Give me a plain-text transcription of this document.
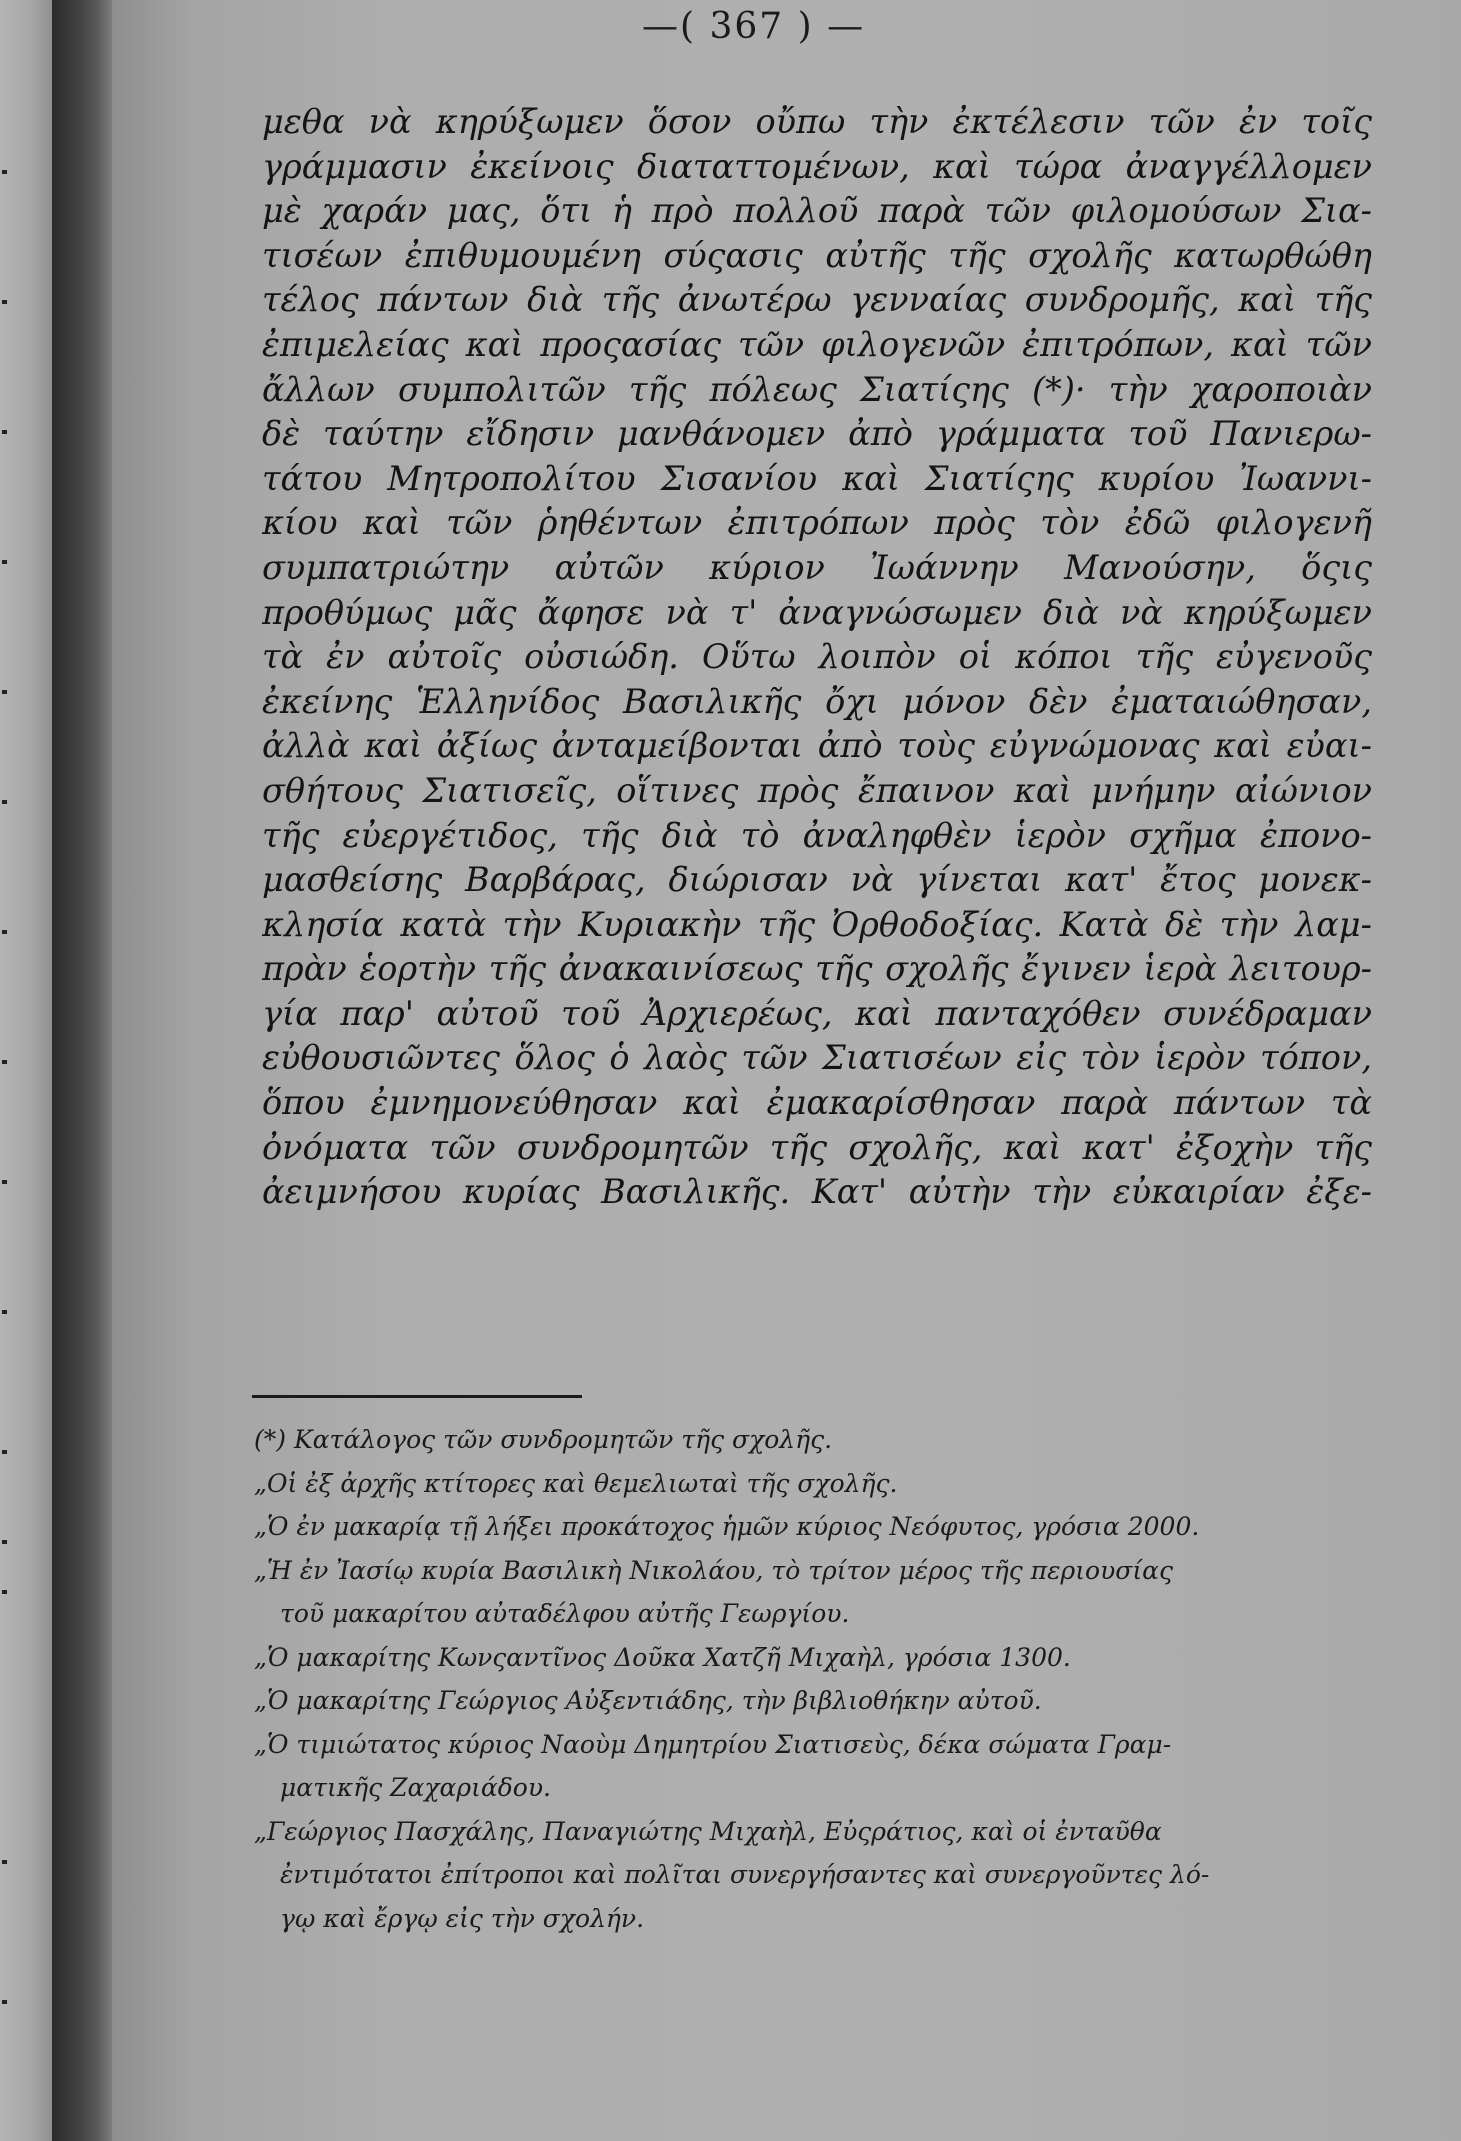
—( 367 ) —
μεθα νὰ κηρύξωμεν ὅσον οὔπω τὴν ἐκτέλεσιν τῶν ἐν τοῖς
γράμμασιν ἐκείνοις διαταττομένων, καὶ τώρα ἀναγγέλλομεν
μὲ χαράν μας, ὅτι ἡ πρὸ πολλοῦ παρὰ τῶν φιλομούσων Σια-
τισέων ἐπιθυμουμένη σύςασις αὐτῆς τῆς σχολῆς κατωρθώθη
τέλος πάντων διὰ τῆς ἀνωτέρω γενναίας συνδρομῆς, καὶ τῆς
ἐπιμελείας καὶ προςασίας τῶν φιλογενῶν ἐπιτρόπων, καὶ τῶν
ἄλλων συμπολιτῶν τῆς πόλεως Σιατίςης (*)· τὴν χαροποιὰν
δὲ ταύτην εἴδησιν μανθάνομεν ἀπὸ γράμματα τοῦ Πανιερω-
τάτου Μητροπολίτου Σισανίου καὶ Σιατίςης κυρίου Ἰωαννι-
κίου καὶ τῶν ῥηθέντων ἐπιτρόπων πρὸς τὸν ἐδῶ φιλογενῆ
συμπατριώτην αὐτῶν κύριον Ἰωάννην Μανούσην, ὅςις
προθύμως μᾶς ἄφησε νὰ τ' ἀναγνώσωμεν διὰ νὰ κηρύξωμεν
τὰ ἐν αὐτοῖς οὐσιώδη. Οὕτω λοιπὸν οἱ κόποι τῆς εὐγενοῦς
ἐκείνης Ἑλληνίδος Βασιλικῆς ὄχι μόνον δὲν ἐματαιώθησαν,
ἀλλὰ καὶ ἀξίως ἀνταμείβονται ἀπὸ τοὺς εὐγνώμονας καὶ εὐαι-
σθήτους Σιατισεῖς, οἵτινες πρὸς ἔπαινον καὶ μνήμην αἰώνιον
τῆς εὐεργέτιδος, τῆς διὰ τὸ ἀναληφθὲν ἱερὸν σχῆμα ἐπονο-
μασθείσης Βαρβάρας, διώρισαν νὰ γίνεται κατ' ἔτος μονεκ-
κλησία κατὰ τὴν Κυριακὴν τῆς Ὀρθοδοξίας. Κατὰ δὲ τὴν λαμ-
πρὰν ἑορτὴν τῆς ἀνακαινίσεως τῆς σχολῆς ἔγινεν ἱερὰ λειτουρ-
γία παρ' αὐτοῦ τοῦ Ἀρχιερέως, καὶ πανταχόθεν συνέδραμαν
εὐθουσιῶντες ὅλος ὁ λαὸς τῶν Σιατισέων εἰς τὸν ἱερὸν τόπον,
ὅπου ἐμνημονεύθησαν καὶ ἐμακαρίσθησαν παρὰ πάντων τὰ
ὀνόματα τῶν συνδρομητῶν τῆς σχολῆς, καὶ κατ' ἐξοχὴν τῆς
ἀειμνήσου κυρίας Βασιλικῆς. Κατ' αὐτὴν τὴν εὐκαιρίαν ἐξε-
(*) Κατάλογος τῶν συνδρομητῶν τῆς σχολῆς.
„Οἱ ἐξ ἀρχῆς κτίτορες καὶ θεμελιωταὶ τῆς σχολῆς.
„Ὁ ἐν μακαρίᾳ τῇ λήξει προκάτοχος ἡμῶν κύριος Νεόφυτος, γρόσια 2000.
„Ἡ ἐν Ἰασίῳ κυρία Βασιλικὴ Νικολάου, τὸ τρίτον μέρος τῆς περιουσίας
τοῦ μακαρίτου αὐταδέλφου αὐτῆς Γεωργίου.
„Ὁ μακαρίτης Κωνςαντῖνος Δοῦκα Χατζῆ Μιχαὴλ, γρόσια 1300.
„Ὁ μακαρίτης Γεώργιος Αὐξεντιάδης, τὴν βιβλιοθήκην αὐτοῦ.
„Ὁ τιμιώτατος κύριος Ναοὺμ Δημητρίου Σιατισεὺς, δέκα σώματα Γραμ-
ματικῆς Ζαχαριάδου.
„Γεώργιος Πασχάλης, Παναγιώτης Μιχαὴλ, Εὐςράτιος, καὶ οἱ ἐνταῦθα
ἐντιμότατοι ἐπίτροποι καὶ πολῖται συνεργήσαντες καὶ συνεργοῦντες λό-
γῳ καὶ ἔργῳ εἰς τὴν σχολήν.
